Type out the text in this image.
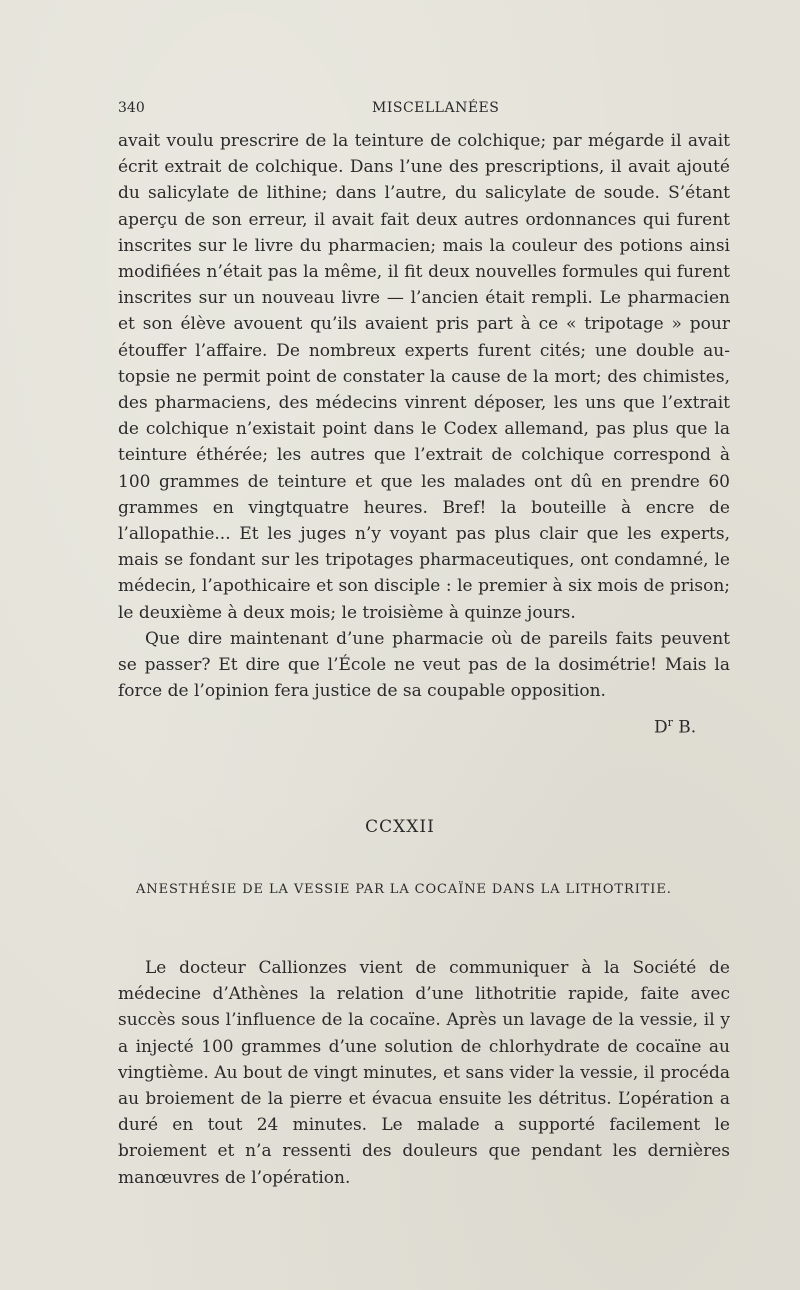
340	MISCELLANÉES

avait voulu prescrire de la teinture de colchique; par mégarde il avait écrit extrait de colchique. Dans l’une des prescriptions, il avait ajouté du salicylate de lithine; dans l’autre, du salicylate de soude. S’étant aperçu de son erreur, il avait fait deux autres ordonnances qui furent inscrites sur le livre du pharmacien; mais la couleur des potions ainsi modifiées n’était pas la même, il fit deux nouvelles formules qui furent inscrites sur un nouveau livre — l’ancien était rempli. Le pharmacien et son élève avouent qu’ils avaient pris part à ce « tripotage » pour étouffer l’affaire. De nombreux experts furent cités; une double autopsie ne permit point de constater la cause de la mort; des chimistes, des pharmaciens, des médecins vinrent déposer, les uns que l’extrait de colchique n’existait point dans le Codex allemand, pas plus que la teinture éthérée; les autres que l’extrait de colchique correspond à 100 grammes de teinture et que les malades ont dû en prendre 60 grammes en vingtquatre heures. Bref! la bouteille à encre de l’allopathie... Et les juges n’y voyant pas plus clair que les experts, mais se fondant sur les tripotages pharmaceutiques, ont condamné, le médecin, l’apothicaire et son disciple : le premier à six mois de prison; le deuxième à deux mois; le troisième à quinze jours.

Que dire maintenant d’une pharmacie où de pareils faits peuvent se passer? Et dire que l’École ne veut pas de la dosimétrie! Mais la force de l’opinion fera justice de sa coupable opposition.

$D^r$ B.
CCXXII
ANESTHÉSIE DE LA VESSIE PAR LA COCAÏNE DANS LA LITHOTRITIE.

Le docteur Callionzes vient de communiquer à la Société de médecine d’Athènes la relation d’une lithotritie rapide, faite avec succès sous l’influence de la cocaïne. Après un lavage de la vessie, il y a injecté 100 grammes d’une solution de chlorhydrate de cocaïne au vingtième. Au bout de vingt minutes, et sans vider la vessie, il procéda au broiement de la pierre et évacua ensuite les détritus. L’opération a duré en tout 24 minutes. Le malade a supporté facilement le broiement et n’a ressenti des douleurs que pendant les dernières manœuvres de l’opération.
